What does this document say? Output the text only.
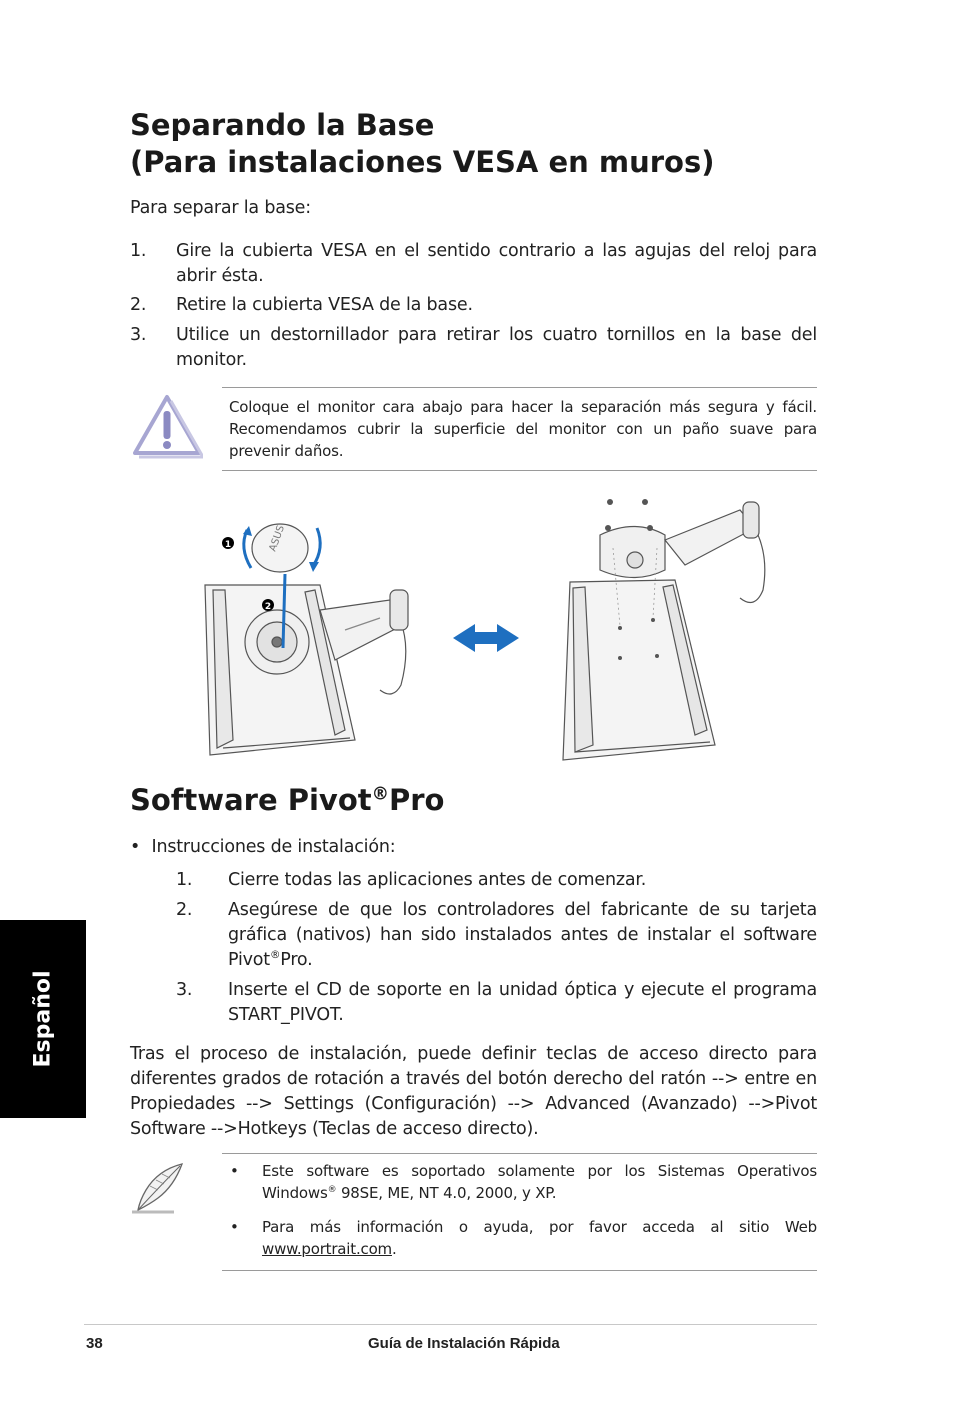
Separando la Base
(Para instalaciones VESA en muros)
Para separar la base:
1. Gire la cubierta VESA en el sentido contrario a las agujas del reloj para abrir ésta.
2. Retire la cubierta VESA de la base.
3. Utilice un destornillador para retirar los cuatro tornillos en la base del monitor.
Coloque el monitor cara abajo para hacer la separación más segura y fácil. Recomendamos cubrir la superficie del monitor con un paño suave para prevenir daños.
ASUS
1
2
Software Pivot®Pro
• Instrucciones de instalación:
1. Cierre todas las aplicaciones antes de comenzar.
2. Asegúrese de que los controladores del fabricante de su tarjeta gráfica (nativos) han sido instalados antes de instalar el software Pivot®Pro.
3. Inserte el CD de soporte en la unidad óptica y ejecute el programa START_PIVOT.
Tras el proceso de instalación, puede definir teclas de acceso directo para diferentes grados de rotación a través del botón derecho del ratón --> entre en Propiedades --> Settings (Configuración) --> Advanced (Avanzado) -->Pivot Software -->Hotkeys (Teclas de acceso directo).
• Este software es soportado solamente por los Sistemas Operativos Windows® 98SE, ME, NT 4.0, 2000, y XP.
• Para más información o ayuda, por favor acceda al sitio Web www.portrait.com.
Español
38	Guía de Instalación Rápida
